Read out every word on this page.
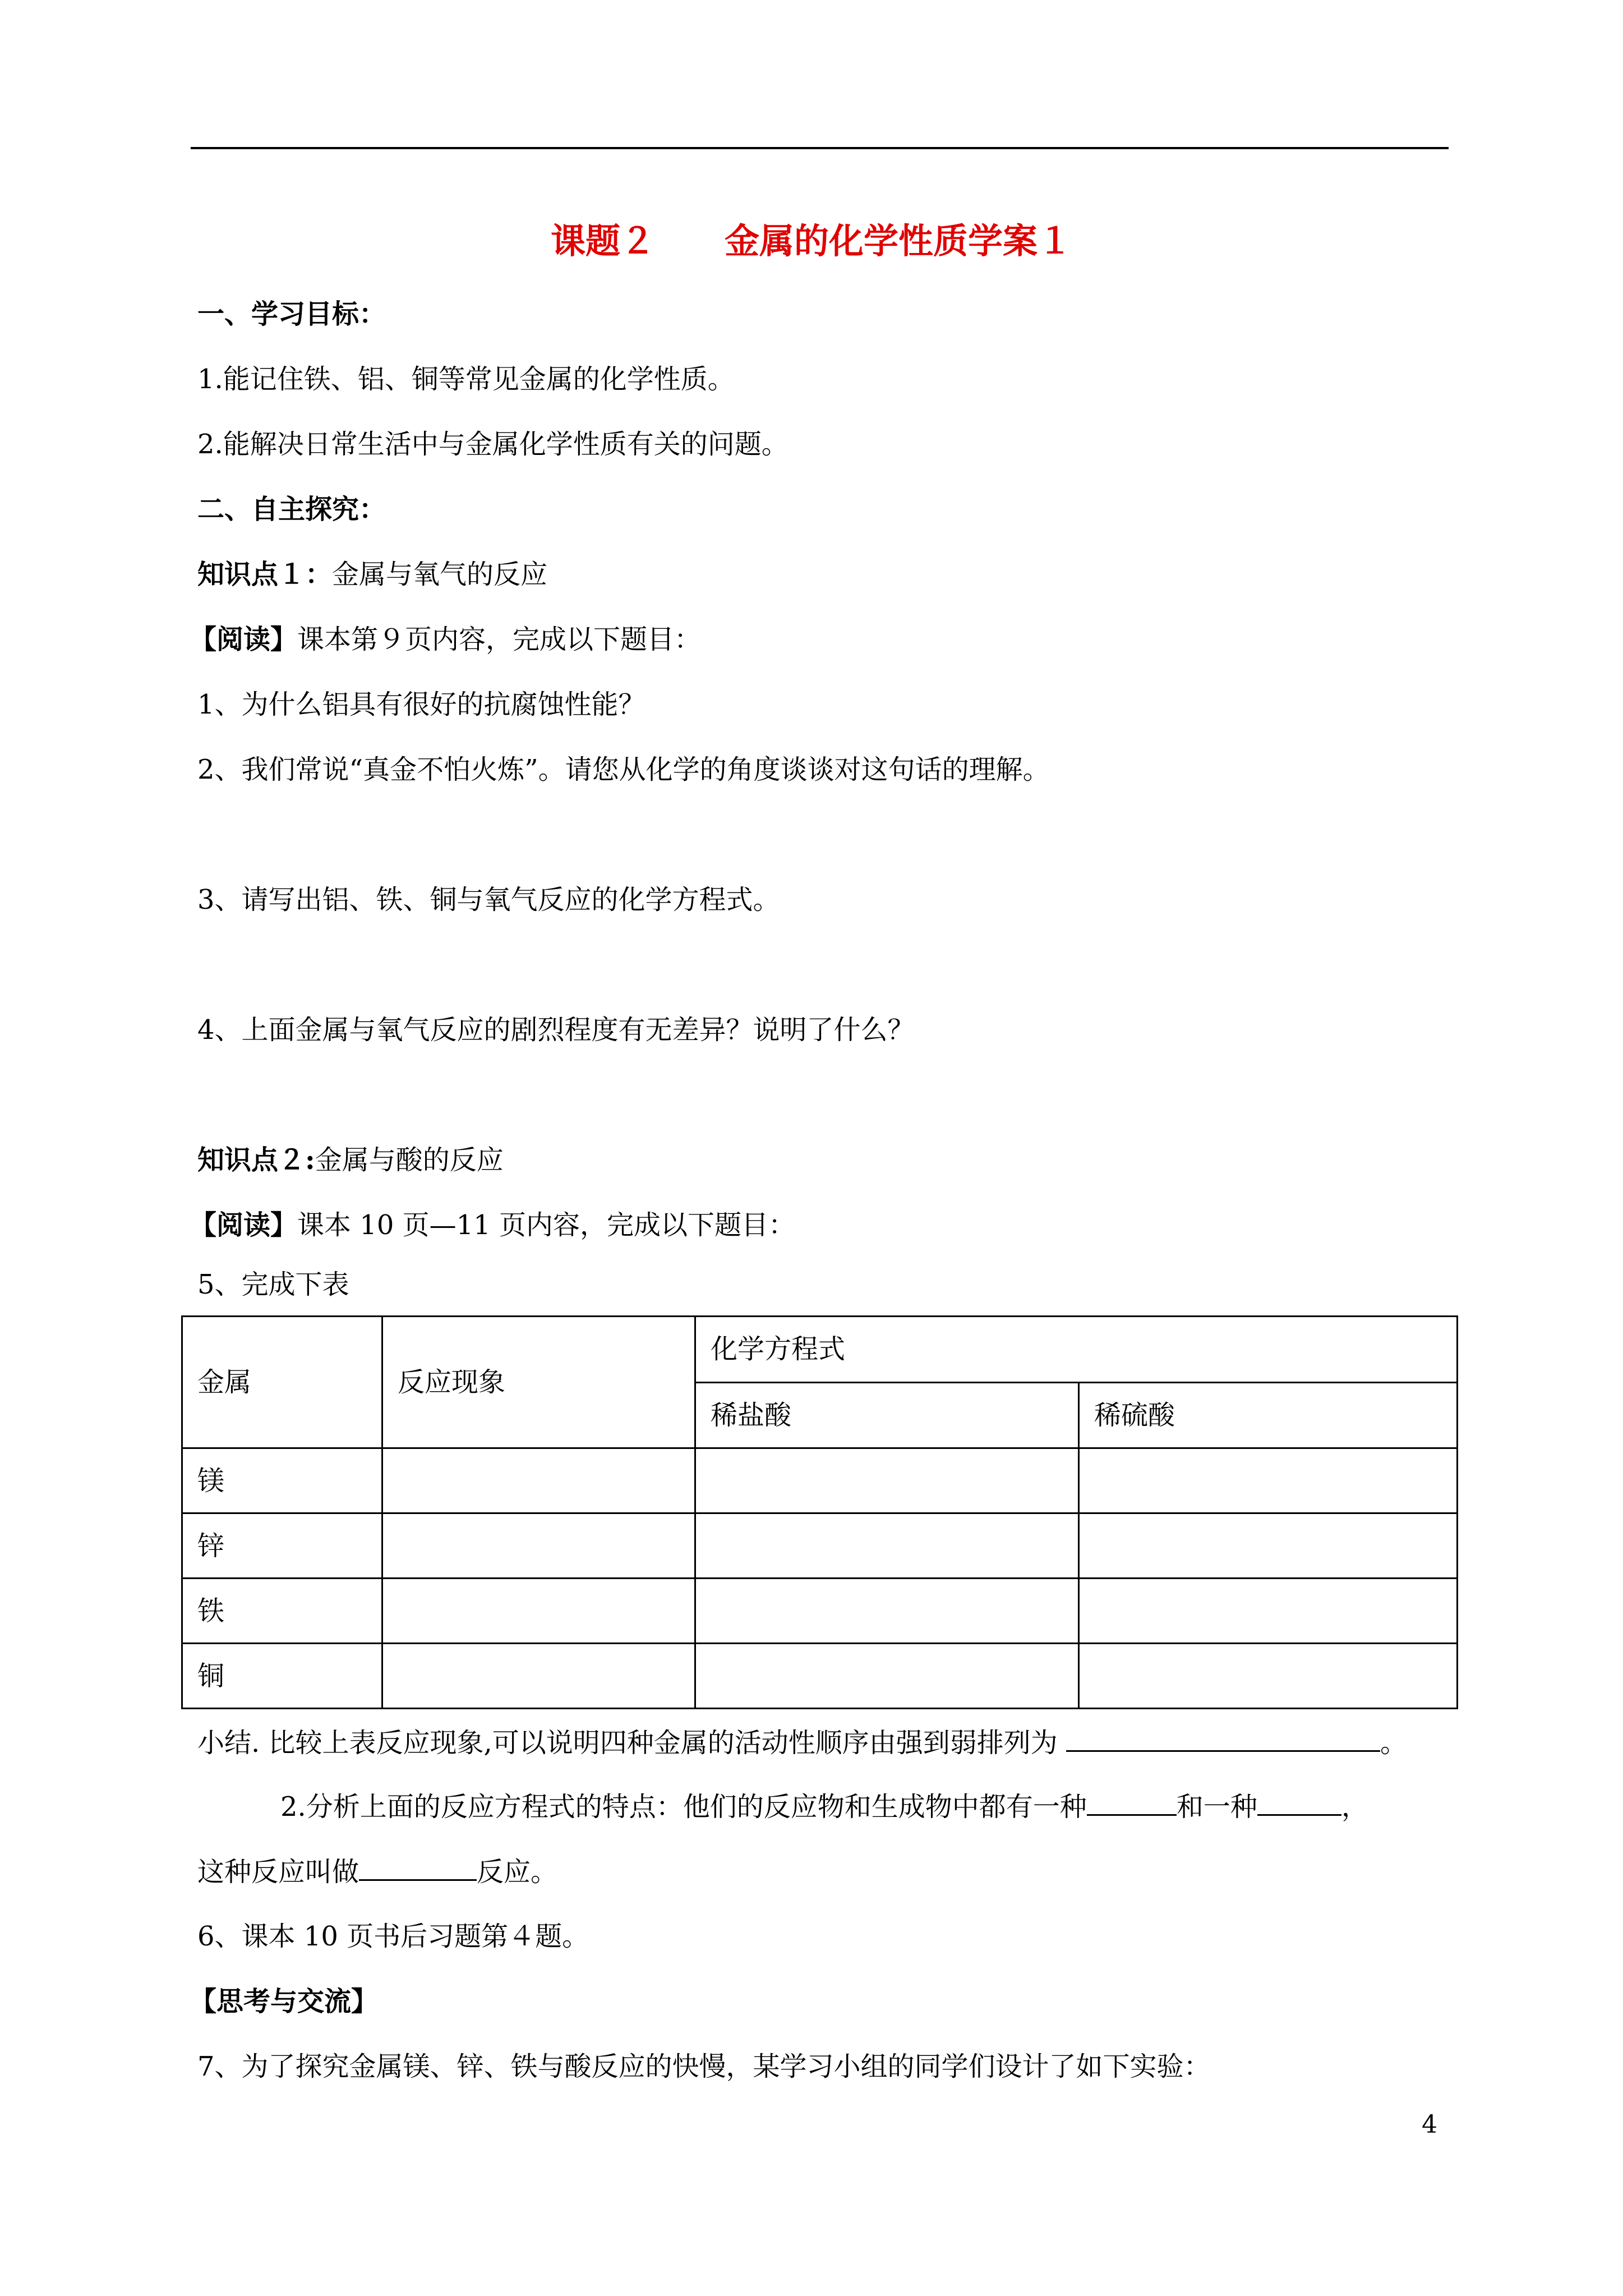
课题２　　金属的化学性质学案１

一、学习目标：

1.能记住铁、铝、铜等常见金属的化学性质。

2.能解决日常生活中与金属化学性质有关的问题。

二、自主探究：

知识点１：金属与氧气的反应

【阅读】课本第９页内容，完成以下题目：

1、为什么铝具有很好的抗腐蚀性能？

2、我们常说“真金不怕火炼”。请您从化学的角度谈谈对这句话的理解。

3、请写出铝、铁、铜与氧气反应的化学方程式。

4、上面金属与氧气反应的剧烈程度有无差异？说明了什么？

知识点２:金属与酸的反应

【阅读】课本 10 页—11 页内容，完成以下题目：

5、完成下表

金属	反应现象	化学方程式	
		稀盐酸	稀硫酸
镁			
锌			
铁			
铜			

小结. 比较上表反应现象,可以说明四种金属的活动性顺序由强到弱排列为	。

2.分析上面的反应方程式的特点：他们的反应物和生成物中都有一种	和一种	，

这种反应叫做	反应。

6、课本 10 页书后习题第４题。

【思考与交流】

7、为了探究金属镁、锌、铁与酸反应的快慢，某学习小组的同学们设计了如下实验：

4
